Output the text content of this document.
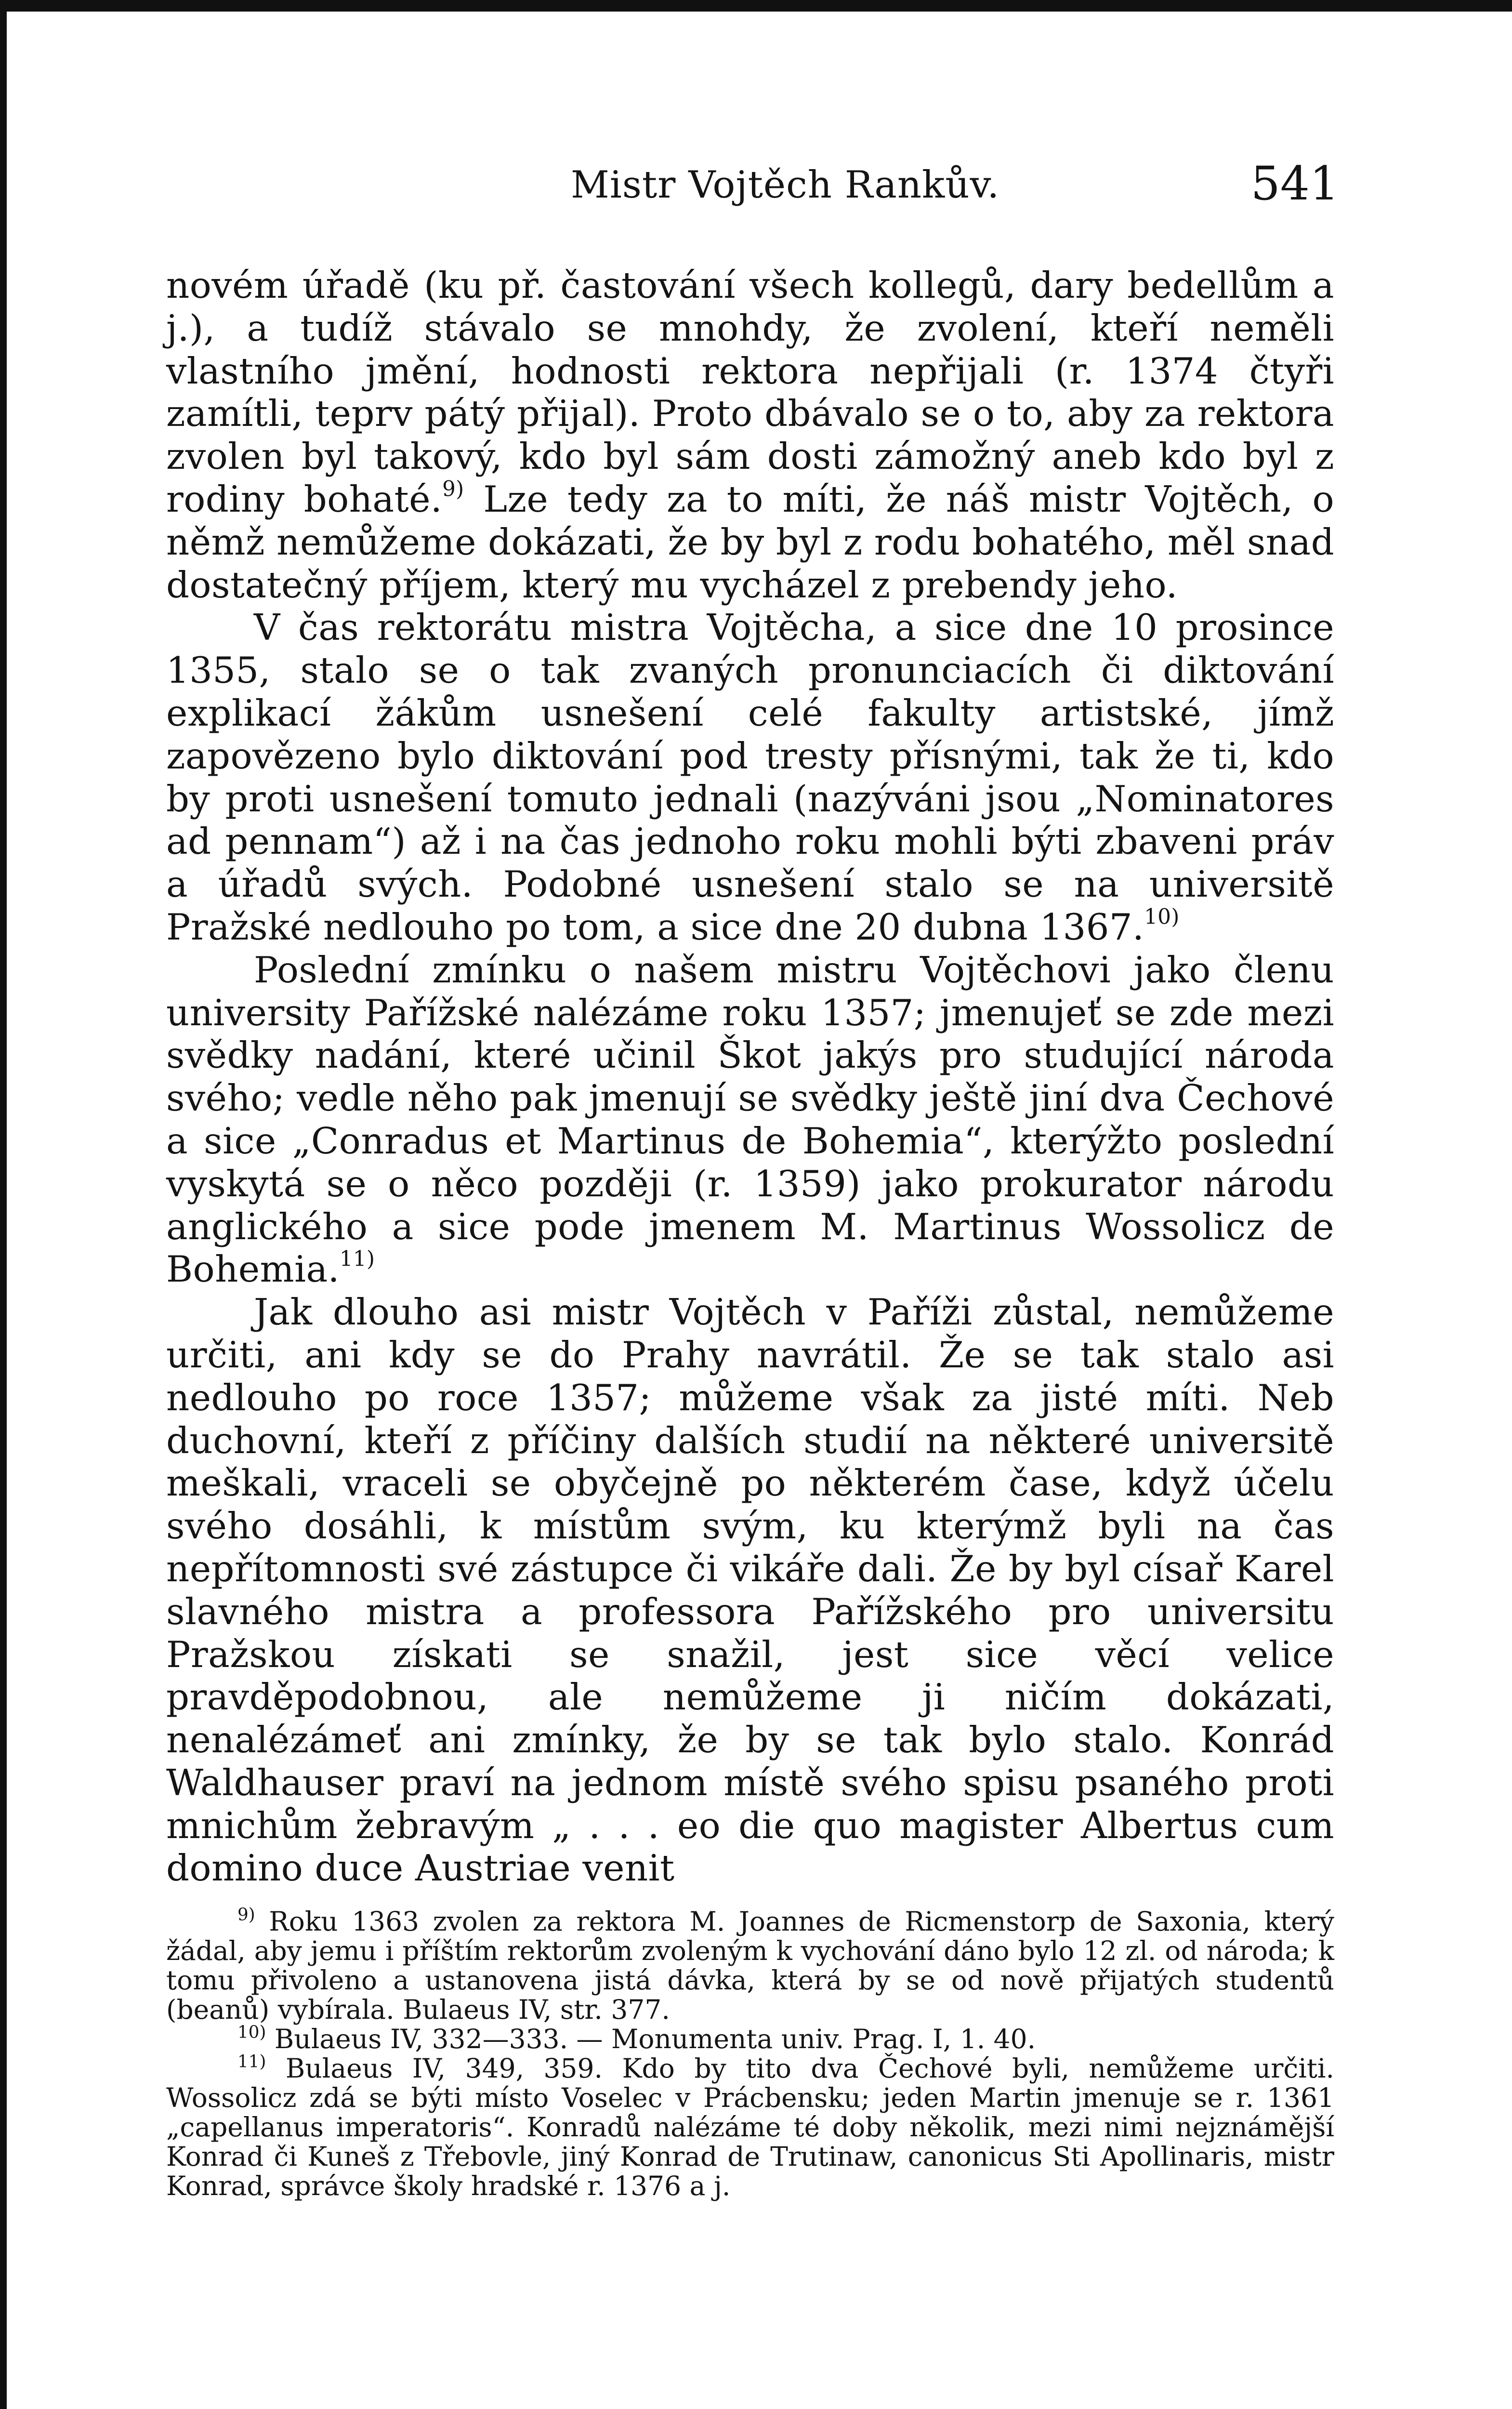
Mistr Vojtěch Rankův.	541

novém úřadě (ku př. častování všech kollegů, dary bedellům a j.), a tudíž stávalo se mnohdy, že zvolení, kteří neměli vlastního jmění, hodnosti rektora nepřijali (r. 1374 čtyři zamítli, teprv pátý přijal). Proto dbávalo se o to, aby za rektora zvolen byl takový, kdo byl sám dosti zámožný aneb kdo byl z rodiny bohaté.$^{9)}$ Lze tedy za to míti, že náš mistr Vojtěch, o němž nemůžeme dokázati, že by byl z rodu bohatého, měl snad dostatečný příjem, který mu vycházel z prebendy jeho.

V čas rektorátu mistra Vojtěcha, a sice dne 10 prosince 1355, stalo se o tak zvaných pronunciacích či diktování explikací žákům usnešení celé fakulty artistské, jímž zapovězeno bylo diktování pod tresty přísnými, tak že ti, kdo by proti usnešení tomuto jednali (nazýváni jsou „Nominatores ad pennam“) až i na čas jednoho roku mohli býti zbaveni práv a úřadů svých. Podobné usnešení stalo se na universitě Pražské nedlouho po tom, a sice dne 20 dubna 1367.$^{10)}$

Poslední zmínku o našem mistru Vojtěchovi jako členu university Pařížské nalézáme roku 1357; jmenujeť se zde mezi svědky nadání, které učinil Škot jakýs pro studující národa svého; vedle něho pak jmenují se svědky ještě jiní dva Čechové a sice „Conradus et Martinus de Bohemia“, kterýžto poslední vyskytá se o něco později (r. 1359) jako prokurator národu anglického a sice pode jmenem M. Martinus Wossolicz de Bohemia.$^{11)}$

Jak dlouho asi mistr Vojtěch v Paříži zůstal, nemůžeme určiti, ani kdy se do Prahy navrátil. Že se tak stalo asi nedlouho po roce 1357; můžeme však za jisté míti. Neb duchovní, kteří z příčiny dalších studií na některé universitě meškali, vraceli se obyčejně po některém čase, když účelu svého dosáhli, k místům svým, ku kterýmž byli na čas nepřítomnosti své zástupce či vikáře dali. Že by byl císař Karel slavného mistra a professora Pařížského pro universitu Pražskou získati se snažil, jest sice věcí velice pravděpodobnou, ale nemůžeme ji ničím dokázati, nenalézámeť ani zmínky, že by se tak bylo stalo. Konrád Waldhauser praví na jednom místě svého spisu psaného proti mnichům žebravým „ . . . eo die quo magister Albertus cum domino duce Austriae venit

$^{9)}$ Roku 1363 zvolen za rektora M. Joannes de Ricmenstorp de Saxonia, který žádal, aby jemu i příštím rektorům zvoleným k vychování dáno bylo 12 zl. od národa; k tomu přivoleno a ustanovena jistá dávka, která by se od nově přijatých studentů (beanů) vybírala. Bulaeus IV, str. 377.

$^{10)}$ Bulaeus IV, 332—333. — Monumenta univ. Prag. I, 1. 40.

$^{11)}$ Bulaeus IV, 349, 359. Kdo by tito dva Čechové byli, nemůžeme určiti. Wossolicz zdá se býti místo Voselec v Prácbensku; jeden Martin jmenuje se r. 1361 „capellanus imperatoris“. Konradů nalézáme té doby několik, mezi nimi nejznámější Konrad či Kuneš z Třebovle, jiný Konrad de Trutinaw, canonicus Sti Apollinaris, mistr Konrad, správce školy hradské r. 1376 a j.
